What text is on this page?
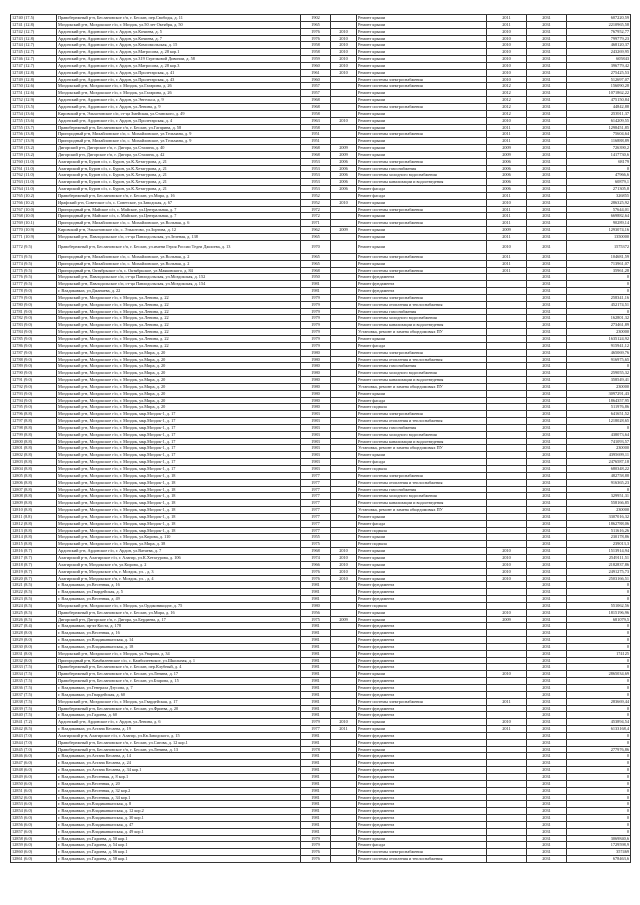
12740 (17.5)	Правобережный р-н, Беслановское г/п, г. Беслан, пер.Свободы, д. 11	1902		Ремонт крыши	2011	2031	607220,59
12741 (12.8)	Моздокский р-н, Моздокское г/п, г. Моздок, ул.50 лет Октября, д. 50	1965		Ремонт крыши	2011	2031	2210965,58
12742 (12.7)	Ардонский р-н, Ардонское г/п, г. Ардон, ул.Кочиева, д. 5	1976	2010	Ремонт крыши	2010	2031	767952,77
12743 (12.8)	Ардонский р-н, Ардонское г/п, г. Ардон, ул.Кочиева, д. 7	1976	2010	Ремонт крыши	2010	2031	799779,23
12744 (12.7)	Ардонский р-н, Ардонское г/п, г. Ардон, ул.Комсомольская, д. 15	1958	2010	Ремонт крыши	2010	2031	468120,37
12745 (12.7)	Ардонский р-н, Ардонское г/п, г. Ардон, ул.Матросова, д. 28 кор.1	1958	2010	Ремонт крыши	2010	2031	243269,95
12746 (12.7)	Ардонский р-н, Ардонское г/п, г. Ардон, ул.319 Стрелковой Дивизии, д. 58	1959	2010	Ремонт крыши	2010	2031	605843
12747 (12.7)	Ардонский р-н, Ардонское г/п, г. Ардон, ул.Матросова, д. 28 кор.3	1960	2010	Ремонт крыши	2010	2031	396779,42
12748 (12.8)	Ардонский р-н, Ардонское г/п, г. Ардон, ул.Пролетарская, д. 41	1961	2010	Ремонт крыши	2010	2031	275425,53
12749 (12.8)	Ардонский р-н, Ардонское г/п, г. Ардон, ул.Пролетарская, д. 43	1960		Ремонт системы электроснабжения	2010	2031	512697,07
12750 (12.6)	Моздокский р-н, Моздокское г/п, г. Моздок, ул.Гагарина, д. 26	1957		Ремонт системы электроснабжения	2012	2031	156090,28
12751 (12.6)	Моздокский р-н, Моздокское г/п, г. Моздок, ул.Гагарина, д. 26	1957		Ремонт крыши	2012	2031	1071862,22
12752 (12.9)	Ардонский р-н, Ардонское г/п, г. Ардон, ул.Энгельса, д. 9	1968		Ремонт крыши	2012	2031	475150,84
12753 (13.5)	Ардонский р-н, Ардонское г/п, г. Ардон, ул.Ленина, д. 9	1968		Ремонт системы электроснабжения	2012	2031	44842,88
12754 (13.6)	Кировский р-н, Эльхотовское с/п, ст-ца Змейская, ул.Ставского, д. 49	1958		Ремонт крыши	2012	2031	253911,37
12755 (13.6)	Ардонский р-н, Ардонское г/п, г. Ардон, ул.Пролетарская, д. 4	1963	2010	Ремонт крыши	2010	2031	614209,55
12755 (13.7)	Правобережный р-н, Беслановское г/п, г. Беслан, ул.Гагарина, д. 58	1958		Ремонт крыши	2011	2031	1298451,85
12756 (13.8)	Пригородный р-н, Михайловское с/п, с. Михайловское, ул.Тельмана, д. 9	1951		Ремонт системы электроснабжения	2011	2031	75604,64
12757 (13.9)	Пригородный р-н, Михайловское с/п, с. Михайловское, ул.Тельмана, д. 9	1951		Ремонт крыши	2011	2031	116888,89
12758 (13.2)	Дигорский р-н, Дигорское г/п, г. Дигора, ул.Сталина, д. 40	1968	2009	Ремонт крыши	2009	2031	726390,2
12759 (13.2)	Дигорский р-н, Дигорское г/п, г. Дигора, ул.Сталина, д. 42	1968	2009	Ремонт крыши	2009	2031	1417730,6
12760 (11.0)	Алагирский р-н, Бурон с/п, с. Бурон, ул.К.Хетагурова, д. 21	1953	2006	Ремонт системы электроснабжения	2006	2031	68179
12761 (11.0)	Алагирский р-н, Бурон с/п, с. Бурон, ул.К.Хетагурова, д. 21	1953	2006	Ремонт системы газоснабжения	2006	2031	0
12762 (11.0)	Алагирский р-н, Бурон с/п, с. Бурон, ул.К.Хетагурова, д. 21	1953	2006	Ремонт системы холодного водоснабжения	2006	2031	47966,6
12763 (11.0)	Алагирский р-н, Бурон с/п, с. Бурон, ул.К.Хетагурова, д. 21	1953	2006	Ремонт системы канализации и водоотведения	2006	2031	60879,1
12764 (11.0)	Алагирский р-н, Бурон с/п, с. Бурон, ул.К.Хетагурова, д. 21	1953	2006	Ремонт фасада	2006	2031	271305,8
12765 (10.2)	Правобережный р-н, Беслановское г/п, г. Беслан, ул.Мира, д. 16	1952		Ремонт фасада	2011	2031	326855
12766 (10.2)	Ирафский р-н, Советское с/п, с. Советское, ул.Заводская, д. 67	1952	2010	Ремонт крыши	2010	2031	286325,92
12767 (10.0)	Пригородный р-н, Майское с/п, с. Майское, ул.Центральная, д. 7	1972		Ремонт системы электроснабжения	2011	2031	57644,01
12768 (10.0)	Пригородный р-н, Майское с/п, с. Майское, ул.Центральная, д. 7	1972		Ремонт крыши	2011	2031	669882,64
12769 (10.1)	Пригородный р-н, Михайловское с/п, с. Михайловское, ул.Вольная, д. 6	1971		Ремонт системы электроснабжения	2011	2031	90289,14
12770 (10.9)	Кировский р-н, Эльхотовское с/п, с. Эльхотово, ул.Зортова, д. 12	1962	2009	Ремонт крыши	2009	2031	1293074,16
12771 (10.9)	Моздокский р-н, Павлодольское с/п, ст-ца Павлодольская, ул.Зеленая, д. 138	1965		Ремонт крыши	2011	2031	1350000
12772 (9.5)	Правобережный р-н, Беслановское г/п, г. Беслан, ул.имени Героя России Тедеи Джиоева, д. 13	1970		Ремонт крыши	2010	2031	1575372
12773 (9.5)	Пригородный р-н, Михайловское с/п, с. Михайловское, ул.Вольная, д. 2	1965		Ремонт системы электроснабжения	2011	2031	104681,59
12774 (9.5)	Пригородный р-н, Михайловское с/п, с. Михайловское, ул.Вольная, д. 2	1965		Ремонт крыши	2011	2031	713961,07
12775 (9.5)	Пригородный р-н, Октябрьское с/п, с. Октябрьское, ул.Маяковского, д. 84	1968		Ремонт системы электроснабжения	2011	2031	35961,28
12776 (9.5)	Моздокский р-н, Павлодольское с/п, ст-ца Павлодольская, ул.Моздокская, д. 152	1950		Ремонт фундамента		2031	0
12777 (9.5)	Моздокский р-н, Павлодольское с/п, ст-ца Павлодольская, ул.Моздокская, д. 154	1981		Ремонт фундамента		2031	0
12778 (9.0)	г. Владикавказ, ул.Джанаева, д. 22	1981		Ремонт фундамента		2031	0
12779 (9.0)	Моздокский р-н, Моздокское г/п, г. Моздок, ул.Ленина, д. 22	1979		Ремонт системы электроснабжения		2031	258341,16
12780 (9.0)	Моздокский р-н, Моздокское г/п, г. Моздок, ул.Ленина, д. 22	1979		Ремонт системы отопления и теплоснабжения		2031	452174,51
12781 (9.0)	Моздокский р-н, Моздокское г/п, г. Моздок, ул.Ленина, д. 22	1979		Ремонт системы газоснабжения		2031	0
12782 (9.0)	Моздокский р-н, Моздокское г/п, г. Моздок, ул.Ленина, д. 22	1979		Ремонт системы холодного водоснабжения		2031	162801,32
12783 (9.0)	Моздокский р-н, Моздокское г/п, г. Моздок, ул.Ленина, д. 22	1979		Ремонт системы канализации и водоотведения		2031	273461,89
12784 (9.0)	Моздокский р-н, Моздокское г/п, г. Моздок, ул.Ленина, д. 22	1979		Установка, ремонт и замена общедомовых ПУ		2031	230000
12785 (9.0)	Моздокский р-н, Моздокское г/п, г. Моздок, ул.Ленина, д. 22	1979		Ремонт крыши		2031	1635124,92
12786 (9.0)	Моздокский р-н, Моздокское г/п, г. Моздок, ул.Ленина, д. 22	1979		Ремонт фасада		2031	915941,12
12787 (9.0)	Моздокский р-н, Моздокское г/п, г. Моздок, ул.Мира, д. 20	1980		Ремонт системы электроснабжения		2031	465069,76
12788 (9.0)	Моздокский р-н, Моздокское г/п, г. Моздок, ул.Мира, д. 20	1980		Ремонт системы отопления и теплоснабжения		2031	916975,65
12789 (9.0)	Моздокский р-н, Моздокское г/п, г. Моздок, ул.Мира, д. 20	1980		Ремонт системы газоснабжения		2031	0
12790 (9.0)	Моздокский р-н, Моздокское г/п, г. Моздок, ул.Мира, д. 20	1980		Ремонт системы холодного водоснабжения		2031	259055,32
12791 (9.0)	Моздокский р-н, Моздокское г/п, г. Моздок, ул.Мира, д. 20	1980		Ремонт системы канализации и водоотведения		2031	358549,41
12792 (9.0)	Моздокский р-н, Моздокское г/п, г. Моздок, ул.Мира, д. 20	1980		Установка, ремонт и замена общедомовых ПУ		2031	230000
12793 (9.0)	Моздокский р-н, Моздокское г/п, г. Моздок, ул.Мира, д. 20	1980		Ремонт крыши		2031	3097291,43
12794 (9.0)	Моздокский р-н, Моздокское г/п, г. Моздок, ул.Мира, д. 20	1980		Ремонт фасада		2031	1864357,95
12795 (9.0)	Моздокский р-н, Моздокское г/п, г. Моздок, ул.Мира, д. 20	1980		Ремонт подвала		2031	511976,86
12796 (8.8)	Моздокский р-н, Моздокское г/п, г. Моздок, мкр.Моздок-1, д. 17	1983		Ремонт системы электроснабжения		2031	641651,52
12797 (8.8)	Моздокский р-н, Моздокское г/п, г. Моздок, мкр.Моздок-1, д. 17	1983		Ремонт системы отопления и теплоснабжения		2031	1218028,65
12798 (8.8)	Моздокский р-н, Моздокское г/п, г. Моздок, мкр.Моздок-1, д. 17	1983		Ремонт системы газоснабжения		2031	0
12799 (8.8)	Моздокский р-н, Моздокское г/п, г. Моздок, мкр.Моздок-1, д. 17	1983		Ремонт системы холодного водоснабжения		2031	438073,64
12800 (8.8)	Моздокский р-н, Моздокское г/п, г. Моздок, мкр.Моздок-1, д. 17	1983		Ремонт системы канализации и водоотведения		2031	741093,57
12801 (8.8)	Моздокский р-н, Моздокское г/п, г. Моздок, мкр.Моздок-1, д. 17	1983		Установка, ремонт и замена общедомовых ПУ		2031	230000
12802 (8.8)	Моздокский р-н, Моздокское г/п, г. Моздок, мкр.Моздок-1, д. 17	1983		Ремонт крыши		2031	4395699,11
12803 (8.8)	Моздокский р-н, Моздокское г/п, г. Моздок, мкр.Моздок-1, д. 17	1983		Ремонт фасада		2031	2476587,18
12804 (8.8)	Моздокский р-н, Моздокское г/п, г. Моздок, мкр.Моздок-1, д. 17	1983		Ремонт подвала		2031	680348,22
12805 (8.8)	Моздокский р-н, Моздокское г/п, г. Моздок, мкр.Моздок-1, д. 18	1977		Ремонт системы электроснабжения		2031	482758,88
12806 (8.8)	Моздокский р-н, Моздокское г/п, г. Моздок, мкр.Моздок-1, д. 18	1977		Ремонт системы отопления и теплоснабжения		2031	916365,23
12807 (8.8)	Моздокский р-н, Моздокское г/п, г. Моздок, мкр.Моздок-1, д. 18	1977		Ремонт системы газоснабжения		2031	0
12808 (8.8)	Моздокский р-н, Моздокское г/п, г. Моздок, мкр.Моздок-1, д. 18	1977		Ремонт системы холодного водоснабжения		2031	329951,31
12809 (8.8)	Моздокский р-н, Моздокское г/п, г. Моздок, мкр.Моздок-1, д. 18	1977		Ремонт системы канализации и водоотведения		2031	558166,85
12810 (8.8)	Моздокский р-н, Моздокское г/п, г. Моздок, мкр.Моздок-1, д. 18	1977		Установка, ремонт и замена общедомовых ПУ		2031	230000
12811 (8.8)	Моздокский р-н, Моздокское г/п, г. Моздок, мкр.Моздок-1, д. 18	1977		Ремонт крыши		2031	3307016,32
12812 (8.8)	Моздокский р-н, Моздокское г/п, г. Моздок, мкр.Моздок-1, д. 18	1977		Ремонт фасада		2031	1862788,06
12813 (8.8)	Моздокский р-н, Моздокское г/п, г. Моздок, мкр.Моздок-1, д. 18	1977		Ремонт подвала		2031	511616,26
12814 (8.8)	Моздокский р-н, Моздокское г/п, г. Моздок, ул.Кирова, д. 110	1955		Ремонт крыши		2031	230178,86
12815 (8.8)	Моздокский р-н, Моздокское г/п, г. Моздок, ул.Мира, д. 38	1975		Ремонт подвала		2031	239013,3
12816 (8.7)	Ардонский р-н, Ардонское г/п, г. Ардон, ул.Ватаева, д. 7	1968	2010	Ремонт крыши	2010	2031	1513914,94
12817 (8.7)	Алагирский р-н, Алагирское г/п, г. Алагир, ул.К.Хетагурова, д. 106	1974	2010	Ремонт крыши	2010	2031	2549111,51
12818 (8.7)	Алагирский р-н, Моздокское г/п, ул.Кирова, д. 2	1966	2010	Ремонт крыши	2010	2031	2182837,86
12819 (8.7)	Алагирский р-н, Моздокское г/п, г. Моздок, ул. , д. 3	1976	2010	Ремонт крыши	2010	2031	2491275,73
12820 (8.7)	Алагирский р-н, Моздокское г/п, г. Моздок, ул. , д. 4	1976	2010	Ремонт крыши	2010	2031	2503166,51
12821 (8.5)	г. Владикавказ, ул.Весенняя, д. 16	1981		Ремонт фундамента		2031	0
12822 (8.5)	г. Владикавказ, ул.Гвардейская, д. 5	1981		Ремонт фундамента		2031	0
12823 (8.5)	г. Владикавказ, ул.Весенняя, д. 49	1981		Ремонт фундамента		2031	0
12824 (8.5)	Моздокский р-н, Моздокское г/п, г. Моздок, ул.Орджоникидзе, д. 75	1980		Ремонт подвала		2031	551062,56
12825 (8.5)	Правобережный р-н, Беслановское г/п, г. Беслан, ул.Мира, д. 16	1956		Ремонт крыши	2010	2031	1815196,96
12826 (8.5)	Дигорский р-н, Дигорское г/п, г. Дигора, ул.Бердиева, д. 17	1975	2009	Ремонт крыши	2009	2031	681079,5
12827 (8.4)	г. Владикавказ, пр-кт Коста, д. 178	1981		Ремонт фундамента		2031	0
12828 (8.0)	г. Владикавказ, ул.Весенняя, д. 16	1981		Ремонт фундамента		2031	0
12829 (8.0)	г. Владикавказ, ул.Владикавказская, д. 14	1981		Ремонт фундамента		2031	0
12830 (8.0)	г. Владикавказ, ул.Владикавказская, д. 18	1981		Ремонт фундамента		2031	0
12831 (8.0)	Моздокский р-н, Моздокское г/п, г. Моздок, ул.Уварова, д. 34	1981		Ремонт фундамента		2031	174125
12832 (8.0)	Пригородный р-н, Камбилеевское с/п, с. Камбилеевское, ул.Школьная, д. 1	1981		Ремонт фундамента		2031	0
12833 (7.5)	Правобережный р-н, Беслановское г/п, г. Беслан, пер.Клубный, д. 4	1981		Ремонт фундамента		2031	0
12834 (7.5)	Правобережный р-н, Беслановское г/п, г. Беслан, ул.Ленина, д. 17	1981		Ремонт крыши	2010	2031	2865034,69
12835 (7.5)	Правобережный р-н, Беслановское г/п, г. Беслан, ул.Бзарова, д. 15	1981		Ремонт фундамента		2031	0
12836 (7.5)	г. Владикавказ, ул.Генерала Дзусова, д. 7	1981		Ремонт фундамента		2031	0
12837 (7.5)	г. Владикавказ, ул.Гвардейская, д. 60	1981		Ремонт фундамента		2031	0
12838 (7.5)	Моздокский р-н, Моздокское г/п, г. Моздок, ул.Гвардейская, д. 17	1981		Ремонт системы электроснабжения	2011	2031	283669,44
12839 (7.5)	Правобережный р-н, Беслановское г/п, г. Беслан, ул.Фриева, д. 20	1981		Ремонт фундамента		2031	0
12840 (7.5)	г. Владикавказ, ул.Гадиева, д. 60	1981		Ремонт фундамента		2031	0
12841 (7.2)	Ардонский р-н, Ардонское г/п, г. Ардон, ул.Ленина, д. 6	1979	2010	Ремонт крыши	2010	2031	453894,54
12842 (8.5)	г. Владикавказ, ул.Астана Кесаева, д. 19	1977	2011	Ремонт крыши	2011	2031	6133168,4
12843 (7.0)	Алагирский р-н, Алагирское г/п, г. Алагир, ул.Кв.Заводского, д. 15	1981		Ремонт фундамента		2031	0
12844 (7.0)	Правобережный р-н, Беслановское г/п, г. Беслан, ул.Сигова, д. 12 кор.1	1981		Ремонт фундамента		2031	0
12845 (7.0)	Правобережный р-н, Беслановское г/п, г. Беслан, ул.Ленина, д. 13	1978		Ремонт крыши		2031	277976,86
12846 (6.0)	г. Владикавказ, ул.Астана Кесаева, д. 14	1981		Ремонт фундамента		2031	0
12847 (6.0)	г. Владикавказ, ул.Астана Кесаева, д. 24	1981		Ремонт фундамента		2031	0
12848 (6.0)	г. Владикавказ, ул.Астана Кесаева, д. 34 кор.1	1981		Ремонт фундамента		2031	0
12849 (6.0)	г. Владикавказ, ул.Весенняя, д. 8 кор.1	1981		Ремонт фундамента		2031	0
12850 (6.0)	г. Владикавказ, ул.Весенняя, д. 20	1981		Ремонт фундамента		2031	0
12851 (6.0)	г. Владикавказ, ул.Весенняя, д. 32 кор.2	1981		Ремонт фундамента		2031	0
12852 (6.0)	г. Владикавказ, ул.Весенняя, д. 34 кор.1	1981		Ремонт фундамента		2031	0
12853 (6.0)	г. Владикавказ, ул.Владикавказская, д. 8	1981		Ремонт фундамента		2031	0
12854 (6.0)	г. Владикавказ, ул.Владикавказская, д. 12 кор.2	1981		Ремонт фундамента		2031	0
12855 (6.0)	г. Владикавказ, ул.Владикавказская, д. 30 кор.1	1981		Ремонт фундамента		2031	0
12856 (6.0)	г. Владикавказ, ул.Владикавказская, д. 47	1981		Ремонт фундамента		2031	0
12857 (6.0)	г. Владикавказ, ул.Владикавказская, д. 49 кор.1	1981		Ремонт фундамента		2031	0
12858 (6.0)	г. Владикавказ, ул.Гадиева, д. 50 кор.1	1979		Ремонт крыши		2031	3069840,6
12859 (6.0)	г. Владикавказ, ул.Гадиева, д. 54 кор.1	1979		Ремонт фасада		2031	1729598,9
12860 (6.0)	г. Владикавказ, ул.Гадиева, д. 56 кор.1	1976		Ремонт системы электроснабжения		2031	357469
12861 (6.0)	г. Владикавказ, ул.Гадиева, д. 58 кор.1	1976		Ремонт системы отопления и теплоснабжения		2031	678463,6
